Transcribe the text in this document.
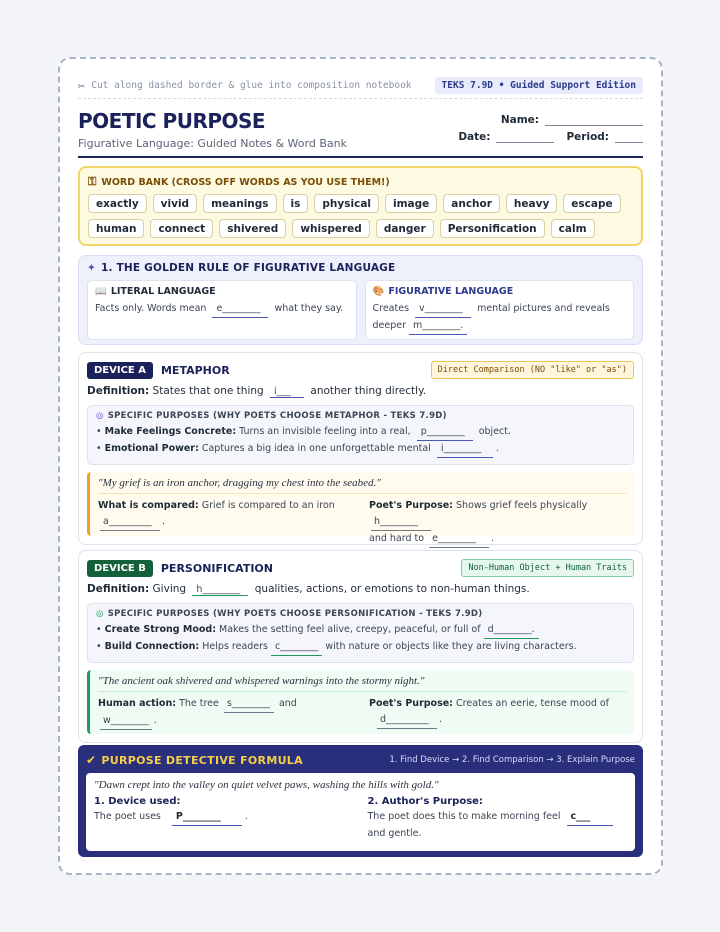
✂ Cut along dashed border & glue into composition notebook	TEKS 7.9D • Guided Support Edition
POETIC PURPOSE
Figurative Language: Guided Notes & Word Bank
Name:
Date:	Period:
⚿ WORD BANK (CROSS OFF WORDS AS YOU USE THEM!)
exactly	vivid	meanings	is	physical	image	anchor	heavy	escape
human	connect	shivered	whispered	danger	Personification	calm
✦ 1. THE GOLDEN RULE OF FIGURATIVE LANGUAGE
📖 LITERAL LANGUAGE

Facts only. Words mean e________ what they say.

🎨 FIGURATIVE LANGUAGE

Creates v________ mental pictures and reveals deeper m________.

DEVICE A	METAPHOR	Direct Comparison (NO "like" or "as")
Definition: States that one thing i___ another thing directly.
◎ SPECIFIC PURPOSES (WHY POETS CHOOSE METAPHOR - TEKS 7.9D)
• Make Feelings Concrete: Turns an invisible feeling into a real, p________ object.
• Emotional Power: Captures a big idea in one unforgettable mental i________ .
"My grief is an iron anchor, dragging my chest into the seabed."
What is compared: Grief is compared to an iron
a_________ .
Poet's Purpose: Shows grief feels physically h________
and hard to e________ .
DEVICE B	PERSONIFICATION	Non-Human Object + Human Traits
Definition: Giving h________ qualities, actions, or emotions to non-human things.
◎ SPECIFIC PURPOSES (WHY POETS CHOOSE PERSONIFICATION - TEKS 7.9D)
• Create Strong Mood: Makes the setting feel alive, creepy, peaceful, or full of d________.
• Build Connection: Helps readers c________ with nature or objects like they are living characters.
"The ancient oak shivered and whispered warnings into the stormy night."
Human action: The tree s________ and w________ .
Poet's Purpose: Creates an eerie, tense mood of
d_________ .
✔ PURPOSE DETECTIVE FORMULA	1. Find Device → 2. Find Comparison → 3. Explain Purpose
"Dawn crept into the valley on quiet velvet paws, washing the hills with gold."
1. Device used:

The poet uses P________	.

2. Author's Purpose:

The poet does this to make morning feel c___ and gentle.
